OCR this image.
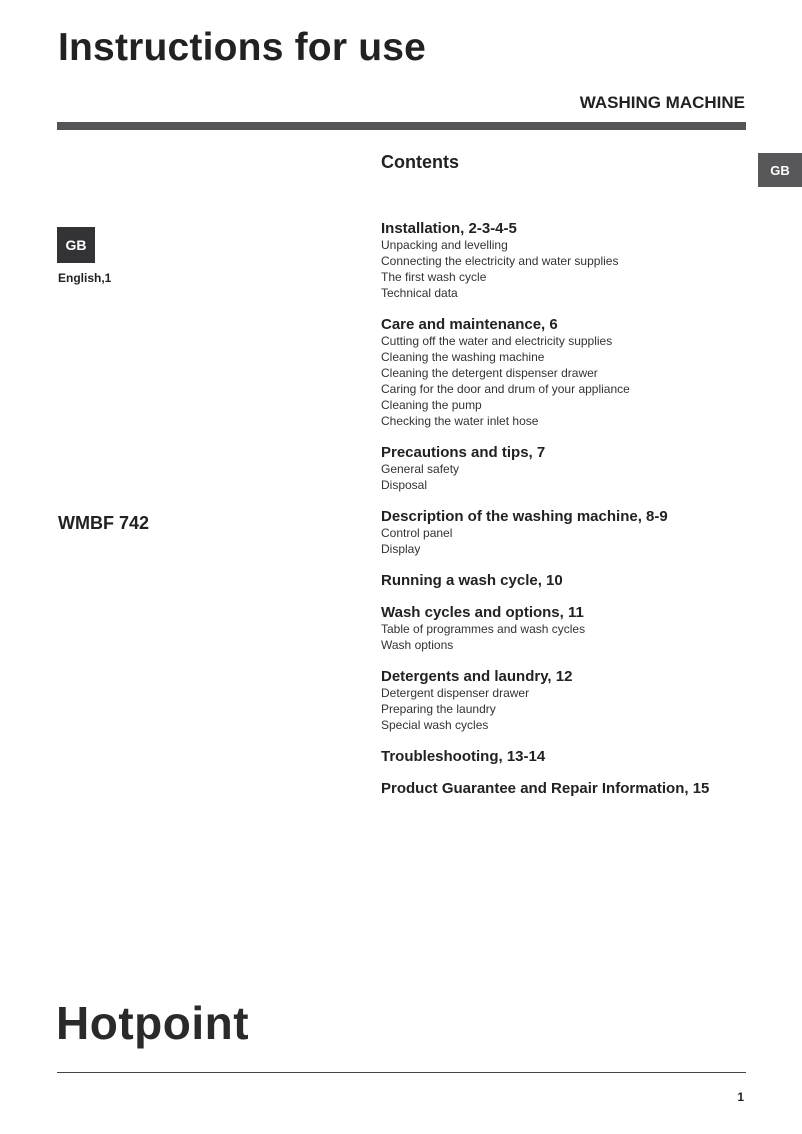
Instructions for use
WASHING MACHINE
GB
GB
English,1
WMBF 742
Contents
Installation, 2-3-4-5
Unpacking and levelling
Connecting the electricity and water supplies
The first wash cycle
Technical data
Care and maintenance, 6
Cutting off the water and electricity supplies
Cleaning the washing machine
Cleaning the detergent dispenser drawer
Caring for the door and drum of your appliance
Cleaning the pump
Checking the water inlet hose
Precautions and tips, 7
General safety
Disposal
Description of the washing machine, 8-9
Control panel
Display
Running a wash cycle, 10
Wash cycles and options, 11
Table of programmes and wash cycles
Wash options
Detergents and laundry, 12
Detergent dispenser drawer
Preparing the laundry
Special wash cycles
Troubleshooting, 13-14
Product Guarantee and Repair Information, 15
Hotpoint
1
